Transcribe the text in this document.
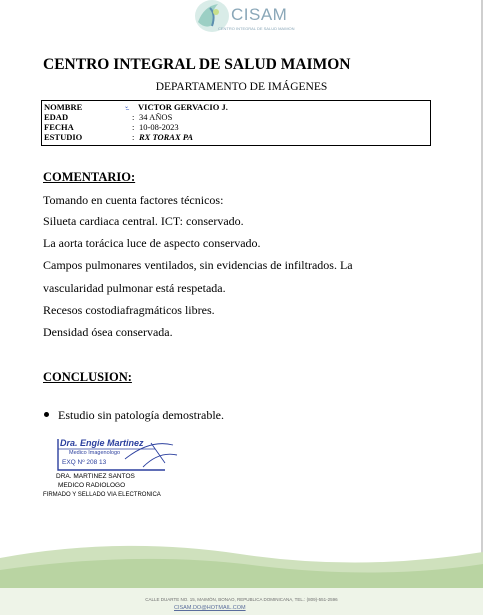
CISAM
CENTRO INTEGRAL DE SALUD MAIMON
CENTRO INTEGRAL DE SALUD MAIMON
DEPARTAMENTO DE IMÁGENES
⌄̲
NOMBRE	VICTOR GERVACIO J.
EDAD	: 34 AÑOS
FECHA	: 10-08-2023
ESTUDIO	: RX TORAX PA
COMENTARIO:
Tomando en cuenta factores técnicos:
Silueta cardiaca central. ICT: conservado.
La aorta torácica luce de aspecto conservado.
Campos pulmonares ventilados, sin evidencias de infiltrados. La
vascularidad pulmonar está respetada.
Recesos costodiafragmáticos libres.
Densidad ósea conservada.
CONCLUSION:
Estudio sin patología demostrable.
Dra. Engie Martinez
Medico Imagenologo
EXQ Nº 208 13
DRA. MARTINEZ SANTOS
MEDICO RADIOLOGO
FIRMADO Y SELLADO VIA ELECTRONICA
CALLE DUARTE NO. 15, MAIMÓN, BONAO, REPUBLICA DOMINICANA, TEL.: (809)-551-2596
CISAM.DO@HOTMAIL.COM
